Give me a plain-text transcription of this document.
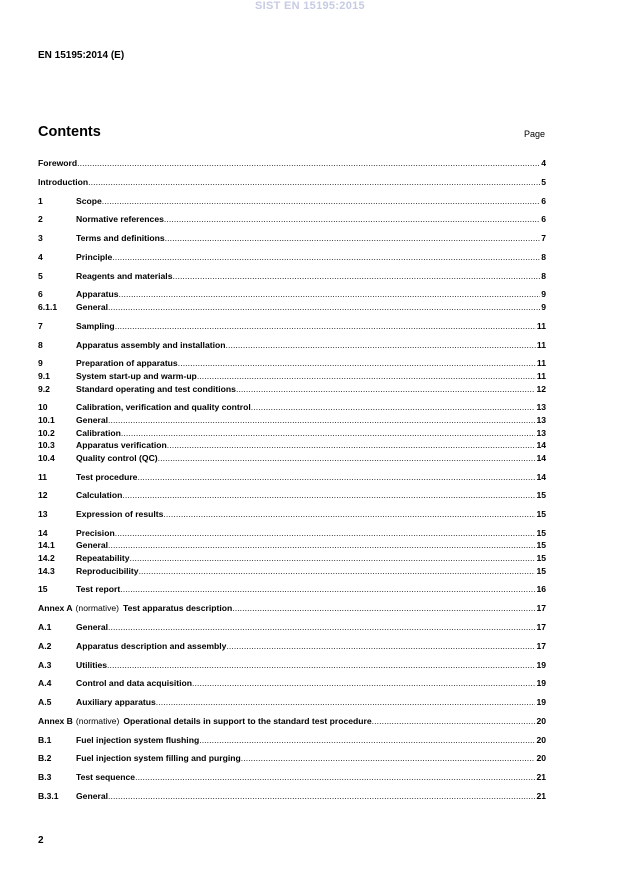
SIST EN 15195:2015
EN 15195:2014 (E)
Contents	Page
Foreword .....	4
Introduction .....	5
1	Scope .....	6
2	Normative references .....	6
3	Terms and definitions .....	7
4	Principle .....	8
5	Reagents and materials .....	8
6	Apparatus .....	9
6.1.1	General .....	9
7	Sampling .....	11
8	Apparatus assembly and installation .....	11
9	Preparation of apparatus .....	11
9.1	System start-up and warm-up .....	11
9.2	Standard operating and test conditions .....	12
10	Calibration, verification and quality control .....	13
10.1	General .....	13
10.2	Calibration .....	13
10.3	Apparatus verification .....	14
10.4	Quality control (QC) .....	14
11	Test procedure .....	14
12	Calculation .....	15
13	Expression of results .....	15
14	Precision .....	15
14.1	General .....	15
14.2	Repeatability .....	15
14.3	Reproducibility .....	15
15	Test report .....	16
Annex A (normative) Test apparatus description .....	17
A.1	General .....	17
A.2	Apparatus description and assembly .....	17
A.3	Utilities .....	19
A.4	Control and data acquisition .....	19
A.5	Auxiliary apparatus .....	19
Annex B (normative) Operational details in support to the standard test procedure .....	20
B.1	Fuel injection system flushing .....	20
B.2	Fuel injection system filling and purging .....	20
B.3	Test sequence .....	21
B.3.1	General .....	21
2
